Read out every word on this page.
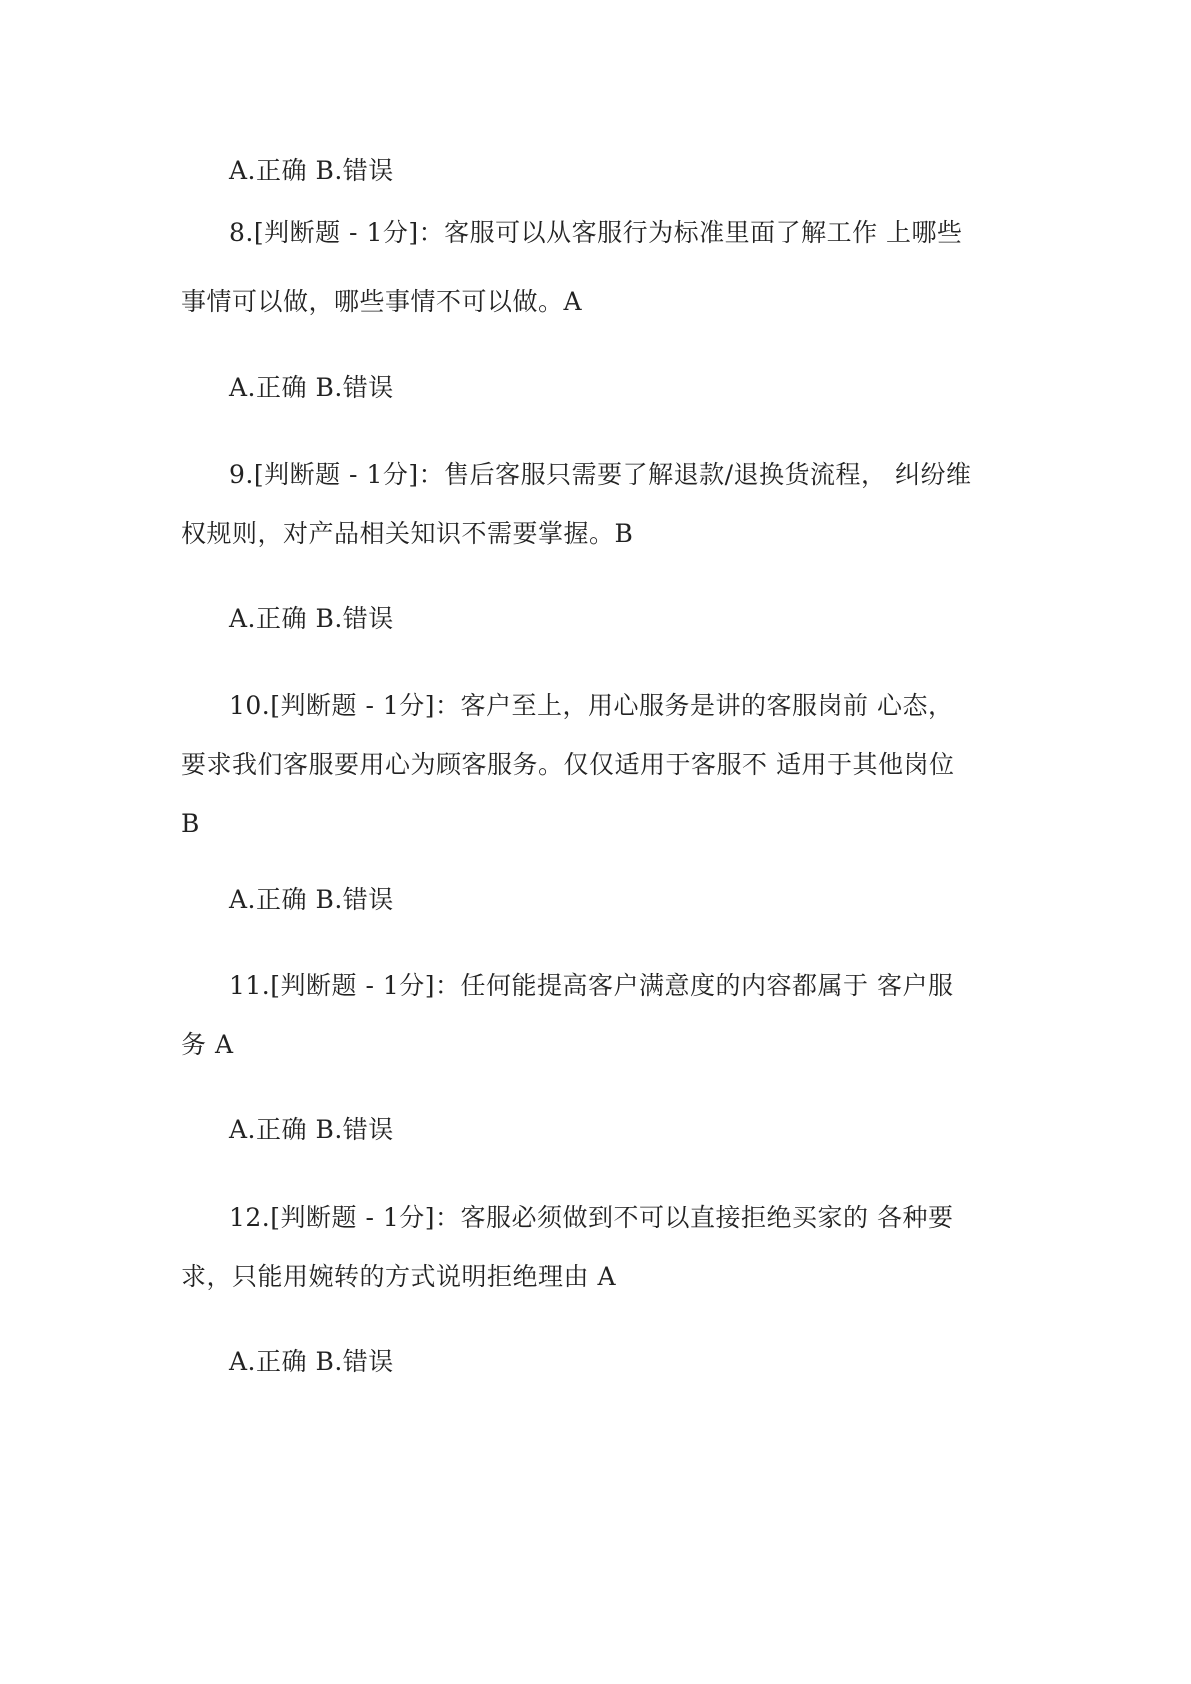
A.正确 B.错误
8.[判断题 - 1分]：客服可以从客服行为标准里面了解工作 上哪些
事情可以做，哪些事情不可以做。A
A.正确 B.错误
9.[判断题 - 1分]：售后客服只需要了解退款/退换货流程， 纠纷维
权规则，对产品相关知识不需要掌握。B
A.正确 B.错误
10.[判断题 - 1分]：客户至上，用心服务是讲的客服岗前 心态，
要求我们客服要用心为顾客服务。仅仅适用于客服不 适用于其他岗位
B
A.正确 B.错误
11.[判断题 - 1分]：任何能提高客户满意度的内容都属于 客户服
务 A
A.正确 B.错误
12.[判断题 - 1分]：客服必须做到不可以直接拒绝买家的 各种要
求，只能用婉转的方式说明拒绝理由 A
A.正确 B.错误
